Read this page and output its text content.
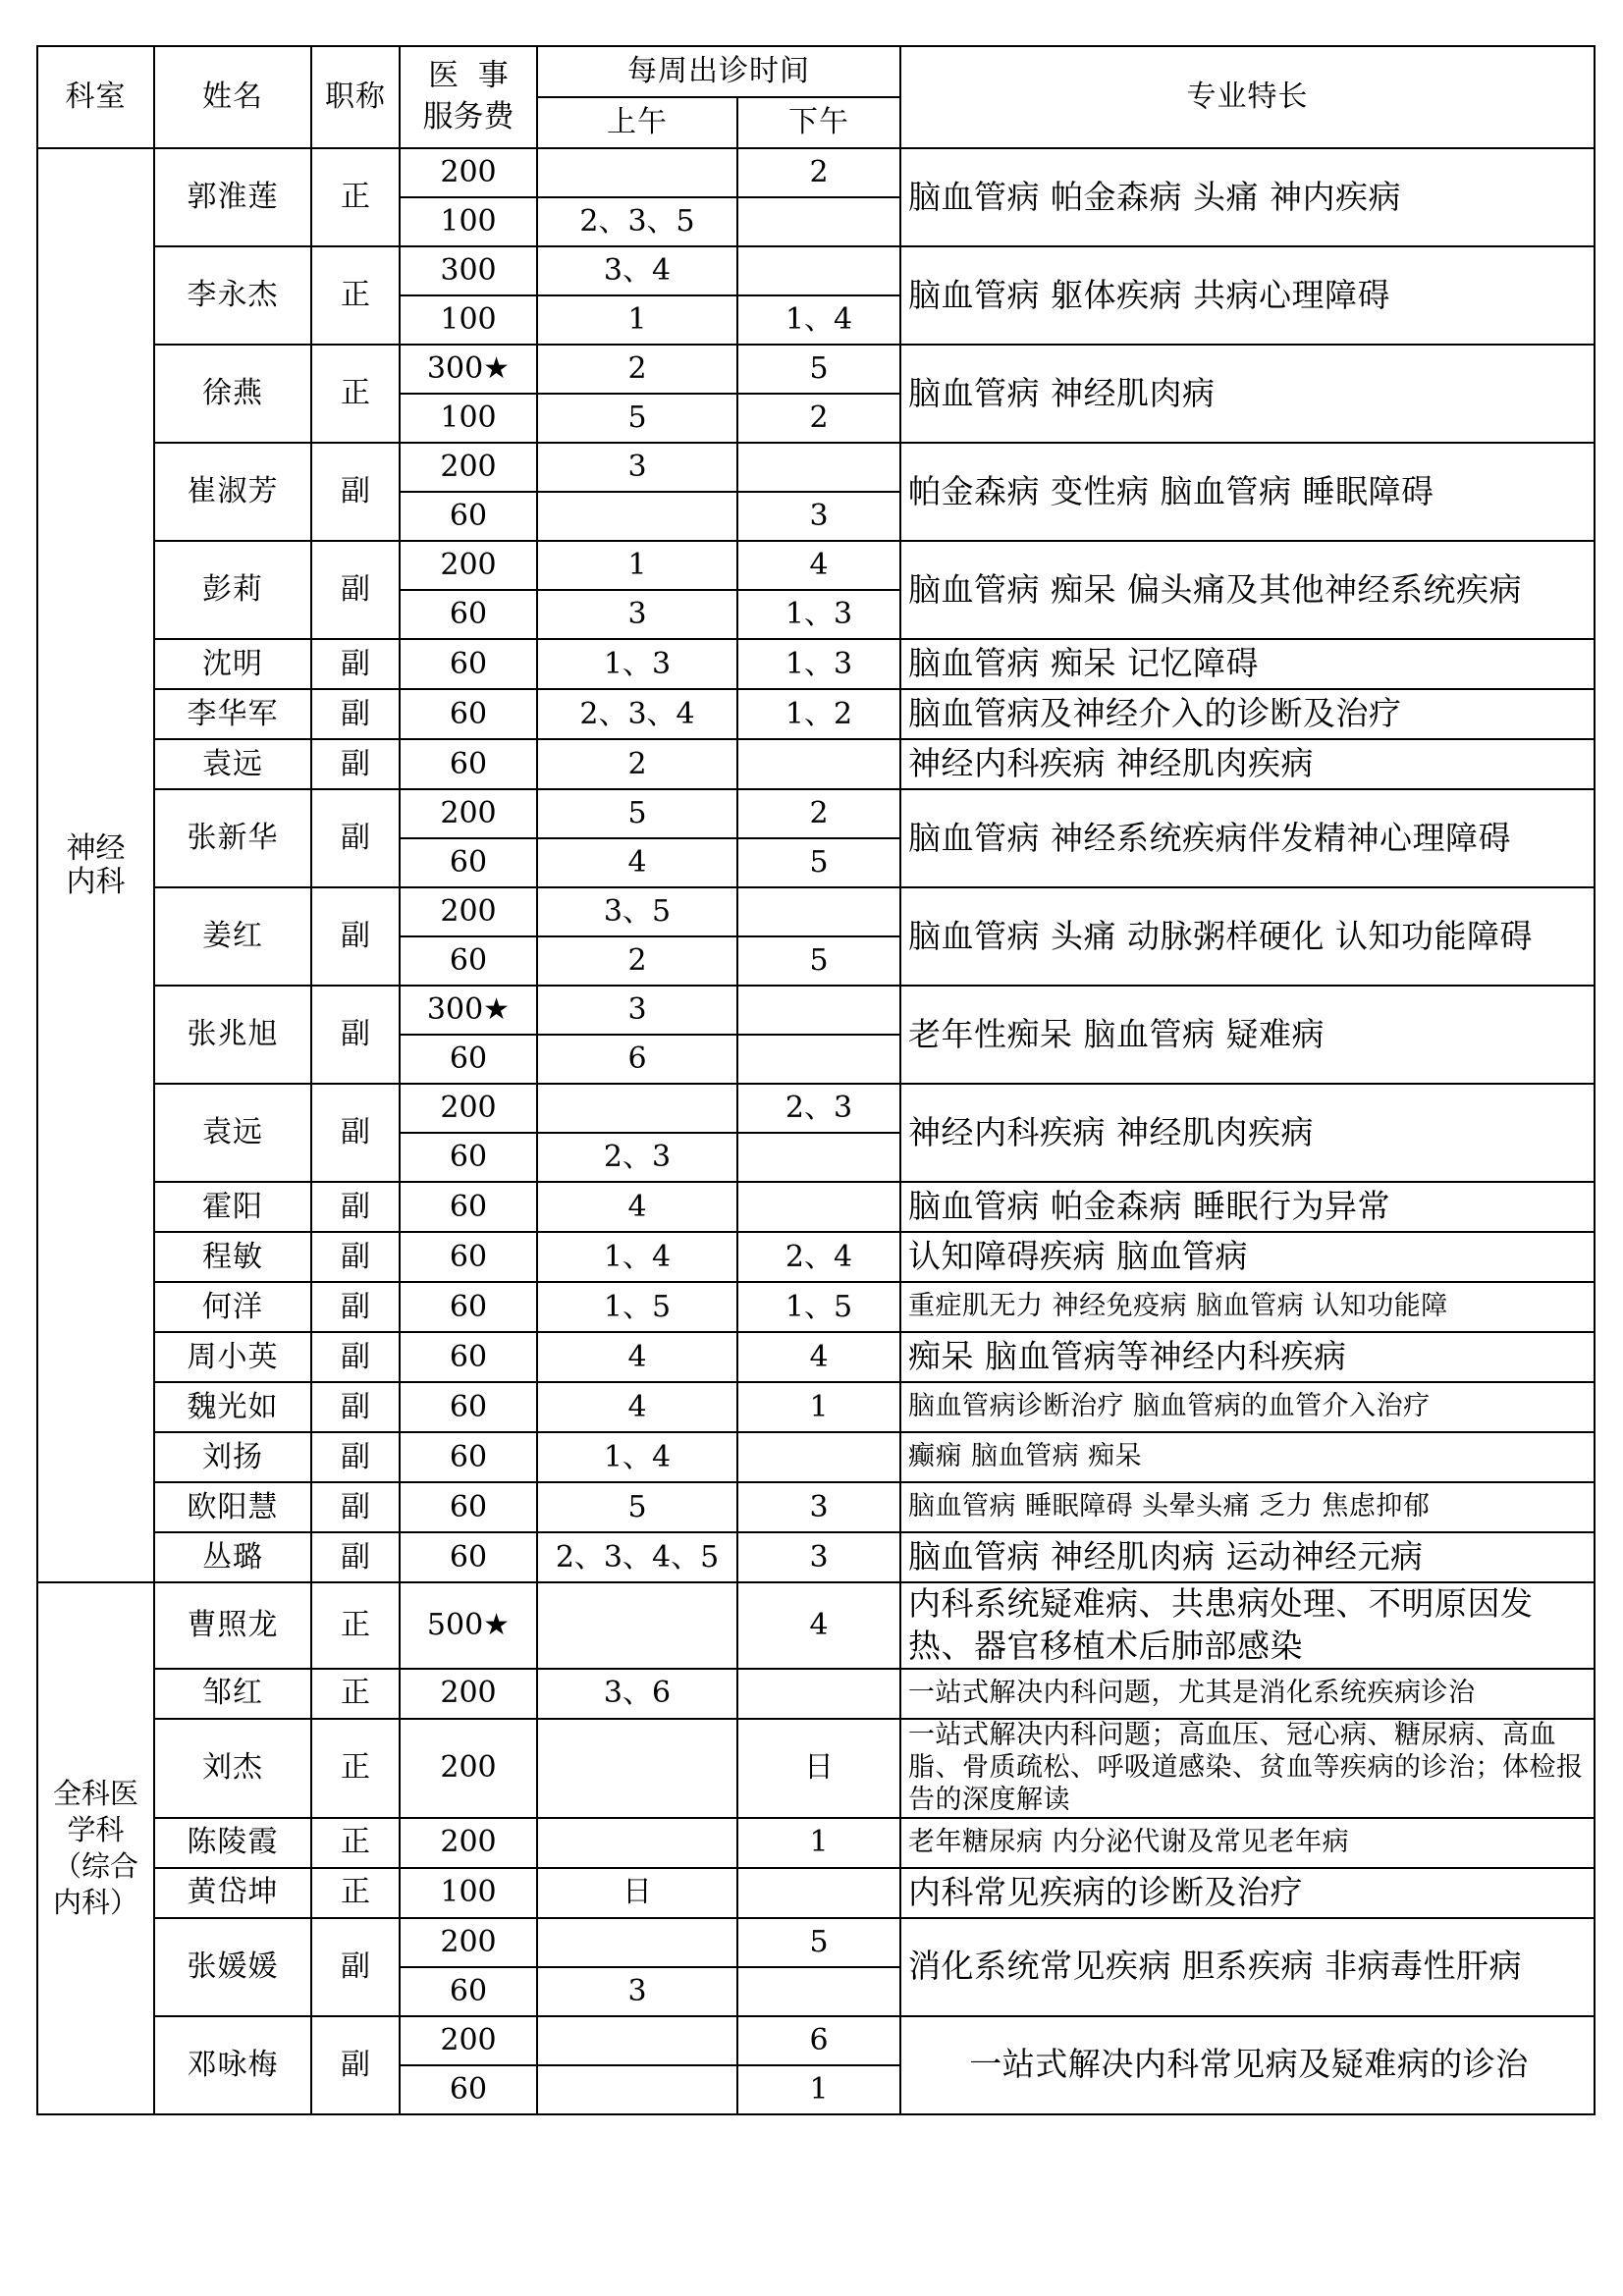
科室	姓名	职称	医  事
服务费	每周出诊时间		专业特长
				上午	下午	
神经
内科	郭淮莲	正	200		2	脑血管病 帕金森病 头痛 神内疾病
			100	2、3、5		
	李永杰	正	300	3、4		脑血管病 躯体疾病 共病心理障碍
			100	1	1、4	
	徐燕	正	300★	2	5	脑血管病 神经肌肉病
			100	5	2	
	崔淑芳	副	200	3		帕金森病 变性病 脑血管病 睡眠障碍
			60		3	
	彭莉	副	200	1	4	脑血管病 痴呆 偏头痛及其他神经系统疾病
			60	3	1、3	
	沈明	副	60	1、3	1、3	脑血管病 痴呆 记忆障碍
	李华军	副	60	2、3、4	1、2	脑血管病及神经介入的诊断及治疗
	袁远	副	60	2		神经内科疾病 神经肌肉疾病
	张新华	副	200	5	2	脑血管病 神经系统疾病伴发精神心理障碍
			60	4	5	
	姜红	副	200	3、5		脑血管病 头痛 动脉粥样硬化 认知功能障碍
			60	2	5	
	张兆旭	副	300★	3		老年性痴呆 脑血管病 疑难病
			60	6		
	袁远	副	200		2、3	神经内科疾病 神经肌肉疾病
			60	2、3		
	霍阳	副	60	4		脑血管病 帕金森病 睡眠行为异常
	程敏	副	60	1、4	2、4	认知障碍疾病 脑血管病
	何洋	副	60	1、5	1、5	重症肌无力 神经免疫病 脑血管病 认知功能障
	周小英	副	60	4	4	痴呆 脑血管病等神经内科疾病
	魏光如	副	60	4	1	脑血管病诊断治疗 脑血管病的血管介入治疗
	刘扬	副	60	1、4		癫痫 脑血管病 痴呆
	欧阳慧	副	60	5	3	脑血管病 睡眠障碍 头晕头痛 乏力 焦虑抑郁
	丛璐	副	60	2、3、4、5	3	脑血管病 神经肌肉病 运动神经元病
全科医
学科
（综合
内科）	曹照龙	正	500★		4	内科系统疑难病、共患病处理、不明原因发热、器官移植术后肺部感染
	邹红	正	200	3、6		一站式解决内科问题，尤其是消化系统疾病诊治
	刘杰	正	200		日	一站式解决内科问题；高血压、冠心病、糖尿病、高血脂、骨质疏松、呼吸道感染、贫血等疾病的诊治；体检报告的深度解读
	陈陵霞	正	200		1	老年糖尿病 内分泌代谢及常见老年病
	黄岱坤	正	100	日		内科常见疾病的诊断及治疗
	张媛媛	副	200		5	消化系统常见疾病 胆系疾病 非病毒性肝病
			60	3		
	邓咏梅	副	200		6	一站式解决内科常见病及疑难病的诊治
			60		1	
